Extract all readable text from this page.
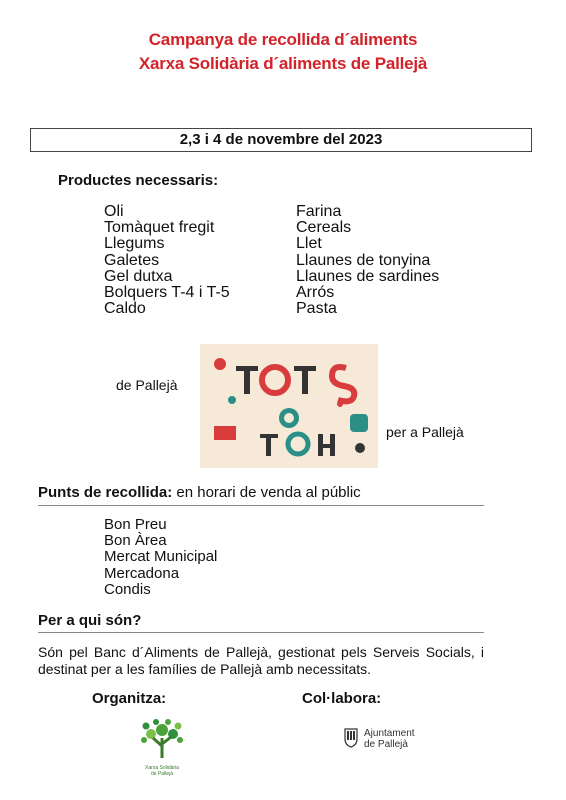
Campanya de recollida d´aliments
Xarxa Solidària d´aliments de Pallejà
2,3 i 4 de novembre del 2023
Productes necessaris:
Oli
Tomàquet fregit
Llegums
Galetes
Gel dutxa
Bolquers T-4 i T-5
Caldo
Farina
Cereals
Llet
Llaunes de tonyina
Llaunes de sardines
Arrós
Pasta
de Pallejà
per a Pallejà
Punts de recollida: en horari de venda al públic
Bon Preu
Bon Àrea
Mercat Municipal
Mercadona
Condis
Per a qui són?
Són pel Banc d´Aliments de Pallejà, gestionat pels Serveis Socials, i destinat per a les famílies de Pallejà amb necessitats.
Organitza:	Col·labora:
Xarxa Solidària
de Pallejà
Ajuntament
de Pallejà
